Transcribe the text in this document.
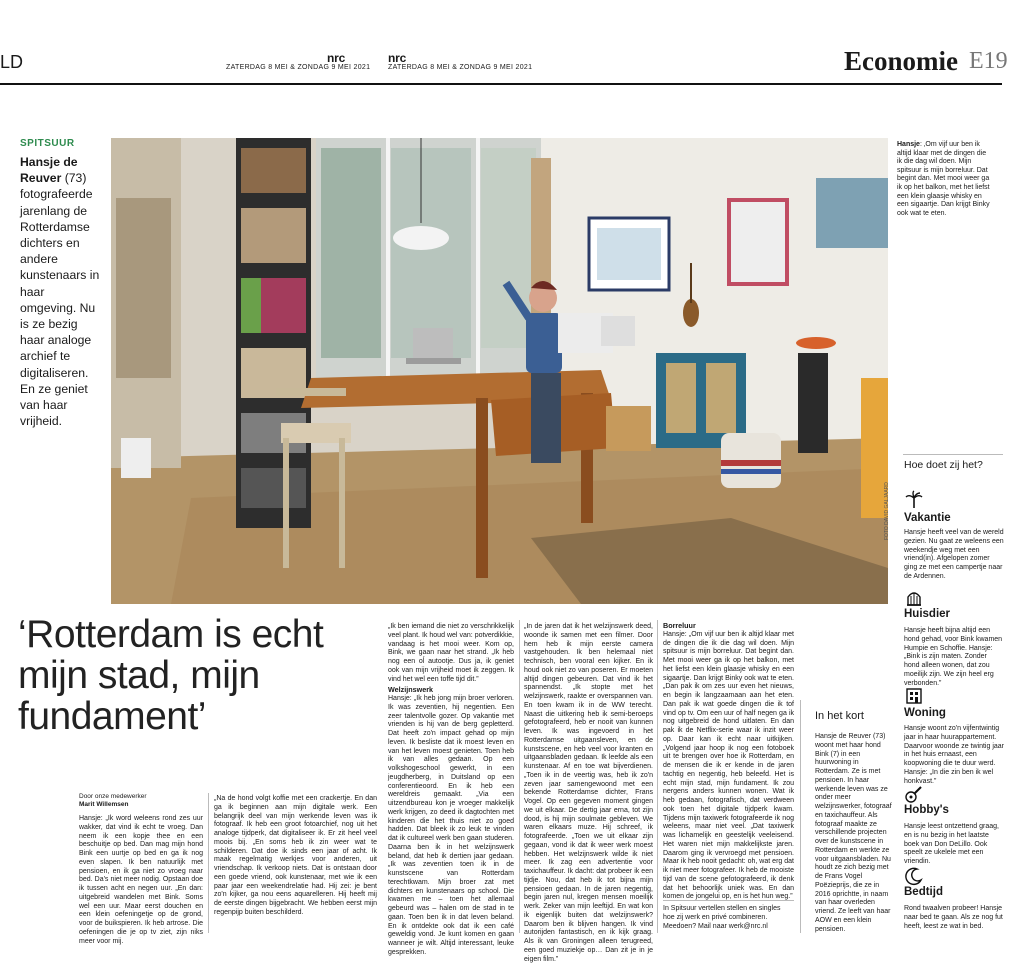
LD	nrc
ZATERDAG 8 MEI & ZONDAG 9 MEI 2021
nrc
ZATERDAG 8 MEI & ZONDAG 9 MEI 2021	Economie E19
SPITSUUR
Hansje de Reuver (73) fotografeerde jarenlang de Rotterdamse dichters en andere kunstenaars in haar omgeving. Nu is ze bezig haar analoge archief te digitaliseren. En ze geniet van haar vrijheid.
FOTO DAVID GALJAARD
Hansje: ‚Om vijf uur ben ik altijd klaar met de dingen die ik die dag wil doen. Mijn spitsuur is mijn borreluur. Dat begint dan. Met mooi weer ga ik op het balkon, met het liefst een klein glaasje whisky en een sigaartje. Dan krijgt Binky ook wat te eten.
‘Rotterdam is echt mijn stad, mijn fundament’
Door onze medewerker
Marit Willemsen

Hansje: „Ik word weleens rond zes uur wakker, dat vind ik echt te vroeg. Dan neem ik een kopje thee en een beschuitje op bed. Dan mag mijn hond Bink een uurtje op bed en ga ik nog even slapen. Ik ben natuurlijk met pensioen, en ik ga niet zo vroeg naar bed. Da's niet meer nodig. Opstaan doe ik tussen acht en negen uur. „En dan: uitgebreid wandelen met Bink. Soms wel een uur. Maar eerst douchen en een klein oefeningetje op de grond, voor de buikspieren. Ik heb artrose. Die oefeningen die je op tv ziet, zijn niks meer voor mij.

„Na de hond volgt koffie met een crackertje. En dan ga ik beginnen aan mijn digitale werk. Een belangrijk deel van mijn werkende leven was ik fotograaf. Ik heb een groot fotoarchief, nog uit het analoge tijdperk, dat digitaliseer ik. Er zit heel veel moois bij. „En soms heb ik zin weer wat te schilderen. Dat doe ik sinds een jaar of acht. Ik maak regelmatig werkjes voor anderen, uit vriendschap. Ik verkoop niets. Dat is ontstaan door een goede vriend, ook kunstenaar, met wie ik een paar jaar een weekendrelatie had. Hij zei: je bent zo'n kijker, ga nou eens aquarelleren. Hij heeft mij de eerste dingen bijgebracht. We hebben eerst mijn regenpijp buiten beschilderd.

„Ik ben iemand die niet zo verschrikkelijk veel plant. Ik houd wel van: potverdikkie, vandaag is het mooi weer. Kom op, Bink, we gaan naar het strand. „Ik heb nog een oĺ autootje. Dus ja, ik geniet ook van mijn vrijheid moet ik zeggen. Ik vind het wel een toffe tijd dit.”

Welzijnswerk

Hansje: „Ik heb jong mijn broer verloren. Ik was zeventien, hij negentien. Een zeer talentvolle gozer. Op vakantie met vrienden is hij van de berg gepletterd. Dat heeft zo'n impact gehad op mijn leven. Ik besliste dat ik moest leven en van het leven moest genieten. Toen heb ik van alles gedaan. Op een volkshogeschool gewerkt, in een jeugdherberg, in Duitsland op een conferentieoord. En ik heb een wereldreis gemaakt. „Via een uitzendbureau kon je vroeger makkelijk werk krijgen, zo deed ik dagtochten met kinderen die het thuis niet zo goed hadden. Dat bleek ik zo leuk te vinden dat ik cultureel werk ben gaan studeren. Daarna ben ik in het welzijnswerk beland, dat heb ik dertien jaar gedaan. „Ik was zeventien toen ik in de kunstscene van Rotterdam terechtkwam. Mijn broer zat met dichters en kunstenaars op school. Die kwamen me – toen het allemaal gebeurd was – halen om de stad in te gaan. Toen ben ik in dat leven beland. En ik ontdekte ook dat ik een café geweldig vond. Je kunt komen en gaan wanneer je wilt. Altijd interessant, leuke gesprekken.

„In de jaren dat ik het welzijnswerk deed, woonde ik samen met een filmer. Door hem heb ik mijn eerste camera vastgehouden. Ik ben helemaal niet technisch, ben vooral een kijker. En ik houd ook niet zo van poseren. Er moeten altijd dingen gebeuren. Dat vind ik het spannendst. „Ik stopte met het welzijnswerk, raakte er overspannen van. En toen kwam ik in de WW terecht. Naast die uitkering heb ik semi-beroeps gefotografeerd, heb er nooit van kunnen leven. Ik was ingevoerd in het Rotterdamse uitgaansleven, en de kunstscene, en heb veel voor kranten en uitgaansbladen gedaan. Ik leefde als een kunstenaar. Af en toe wat bijverdienen. „Toen ik in de veertig was, heb ik zo'n zeven jaar samengewoond met een bekende Rotterdamse dichter, Frans Vogel. Op een gegeven moment gingen we uit elkaar. De dertig jaar erna, tot zijn dood, is hij mijn soulmate gebleven. We waren elkaars muze. Hij schreef, ik fotografeerde. „Toen we uit elkaar zijn gegaan, vond ik dat ik weer werk moest hebben. Het welzijnswerk wilde ik niet meer. Ik zag een advertentie voor taxichauffeur. Ik dacht: dat probeer ik een tijdje. Nou, dat heb ik tot bijna mijn pensioen gedaan. In de jaren negentig, begin jaren nul, kregen mensen moeilijk werk. Zeker van mijn leeftijd. En wat kon ik eigenlijk buiten dat welzijnswerk? Daarom ben ik blijven hangen. Ik vind autorijden fantastisch, en ik kijk graag. Als ik van Groningen alleen terugreed, een goed muziekje op… Dan zit je in je eigen film.”

Borreluur

Hansje: „Om vijf uur ben ik altijd klaar met de dingen die ik die dag wil doen. Mijn spitsuur is mijn borreluur. Dat begint dan. Met mooi weer ga ik op het balkon, met het liefst een klein glaasje whisky en een sigaartje. Dan krijgt Binky ook wat te eten. „Dan pak ik om zes uur even het nieuws, en begin ik langzaamaan aan het eten. Dan pak ik wat goede dingen die ik tof vind op tv. Om een uur of half negen ga ik nog uitgebreid de hond uitlaten. En dan pak ik de Netflix-serie waar ik inzit weer op. Daar kan ik echt naar uitkijken. „Volgend jaar hoop ik nog een fotoboek uit te brengen over hoe ik Rotterdam, en de mensen die ik er kende in de jaren tachtig en negentig, heb beleefd. Het is echt mijn stad, mijn fundament. Ik zou nergens anders kunnen wonen. Wat ik heb gedaan, fotografisch, dat verdween ook toen het digitale tijdperk kwam. Tijdens mijn taxiwerk fotografeerde ik nog weleens, maar niet veel. „Dat taxiwerk was lichamelijk en geestelijk veeleisend. Het waren niet mijn makkelijkste jaren. Daarom ging ik vervroegd met pensioen. Maar ik heb nooit gedacht: oh, wat erg dat ik niet meer fotografeer. Ik heb de mooiste tijd van de scene gefotografeerd, ik denk dat het behoorlijk uniek was. En dan komen de jongelui op, en is het hun weg.”

In Spitsuur vertellen stellen en singles hoe zij werk en privé combineren. Meedoen? Mail naar werk@nrc.nl

In het kort
Hansje de Reuver (73) woont met haar hond Bink (7) in een huurwoning in Rotterdam. Ze is met pensioen. In haar werkende leven was ze onder meer welzijnswerker, fotograaf en taxichauffeur. Als fotograaf maakte ze verschillende projecten over de kunstscene in Rotterdam en werkte ze voor uitgaansbladen. Nu houdt ze zich bezig met de Frans Vogel Poëzieprijs, die ze in 2016 oprichtte, in naam van haar overleden vriend. Ze leeft van haar AOW en een klein pensioen.
Hoe doet zij het?
Vakantie
Hansje heeft veel van de wereld gezien. Nu gaat ze weleens een weekendje weg met een vriend(in). Afgelopen zomer ging ze met een campertje naar de Ardennen.
Huisdier
Hansje heeft bijna altijd een hond gehad, voor Bink kwamen Humpie en Schoffie. Hansje: „Bink is zijn maten. Zonder hond alleen wonen, dat zou moeilijk zijn. We zijn heel erg verbonden.”
Woning
Hansje woont zo'n vijfentwintig jaar in haar huurappartement. Daarvoor woonde ze twintig jaar in het huis ernaast, een koopwoning die te duur werd. Hansje: „In die zin ben ik wel honkvast.”
Hobby's
Hansje leest ontzettend graag, en is nu bezig in het laatste boek van Don DeLillo. Ook speelt ze ukelele met een vriendin.
Bedtijd
Rond twaalven probeer! Hansje naar bed te gaan. Als ze nog fut heeft, leest ze wat in bed.
